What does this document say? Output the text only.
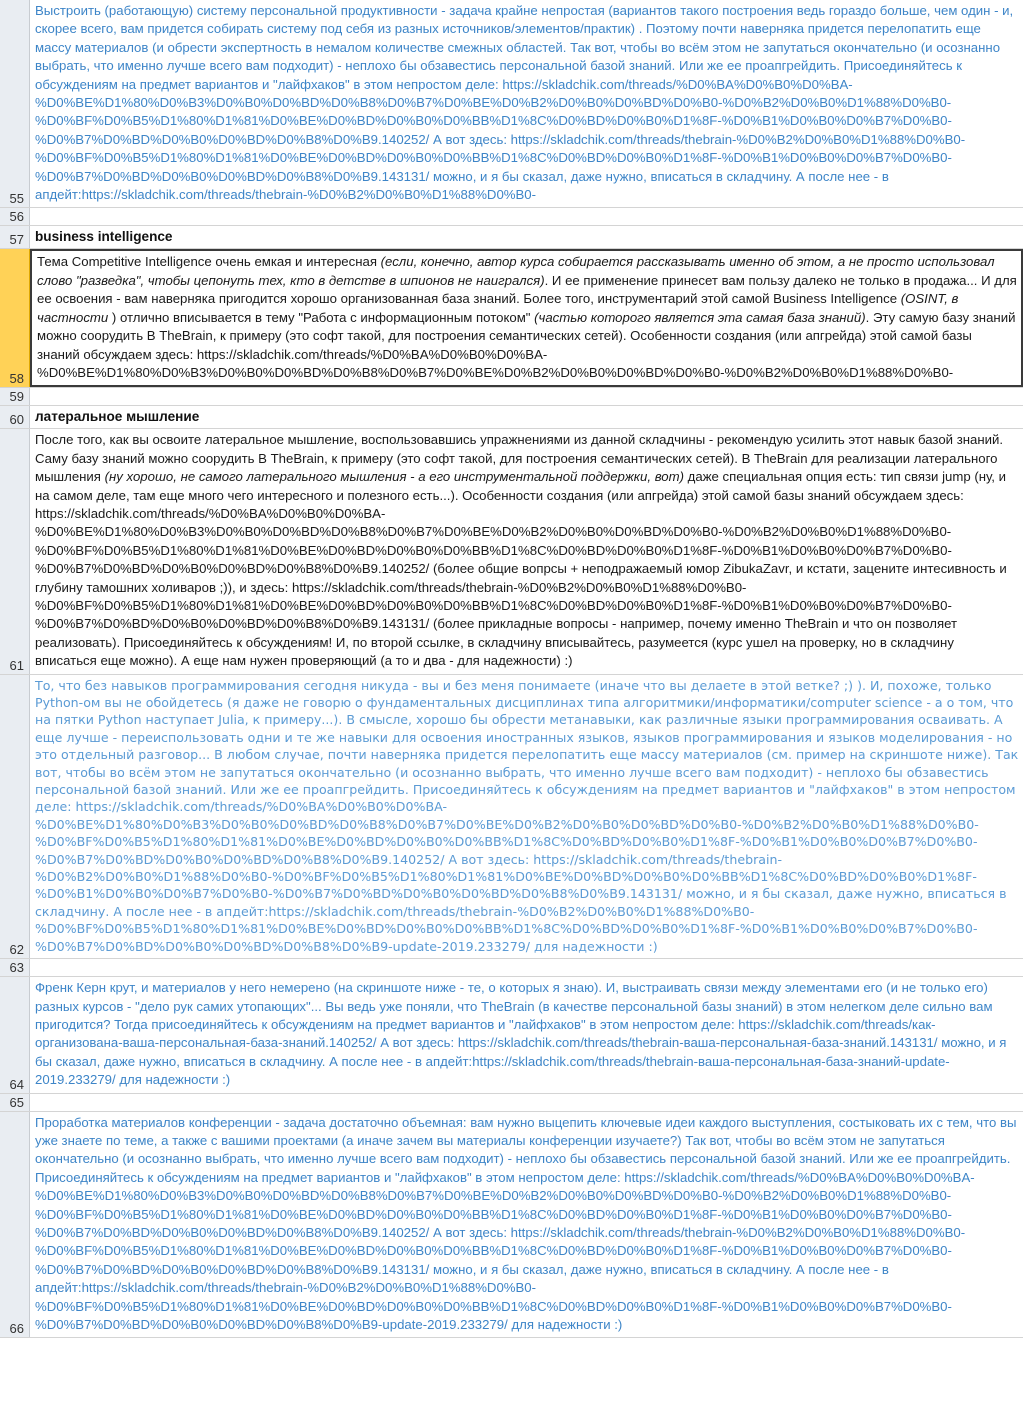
55
Выстроить (работающую) систему персональной продуктивности - задача крайне непростая (вариантов такого построения ведь гораздо больше, чем один - и, скорее всего, вам придется собирать систему под себя из разных источников/элементов/практик) . Поэтому почти наверняка придется перелопатить еще массу материалов (и обрести экспертность в немалом количестве смежных областей. Так вот, чтобы во всём этом не запутаться окончательно (и осознанно выбрать, что именно лучше всего вам подходит) - неплохо бы обзавестись персональной базой знаний. Или же ее проапгрейдить. Присоединяйтесь к обсуждениям на предмет вариантов и "лайфхаков" в этом непростом деле: https://skladchik.com/threads/%D0%BA%D0%B0%D0%BA-%D0%BE%D1%80%D0%B3%D0%B0%D0%BD%D0%B8%D0%B7%D0%BE%D0%B2%D0%B0%D0%BD%D0%B0-%D0%B2%D0%B0%D1%88%D0%B0-%D0%BF%D0%B5%D1%80%D1%81%D0%BE%D0%BD%D0%B0%D0%BB%D1%8C%D0%BD%D0%B0%D1%8F-%D0%B1%D0%B0%D0%B7%D0%B0-%D0%B7%D0%BD%D0%B0%D0%BD%D0%B8%D0%B9.140252/ А вот здесь: https://skladchik.com/threads/thebrain-%D0%B2%D0%B0%D1%88%D0%B0-%D0%BF%D0%B5%D1%80%D1%81%D0%BE%D0%BD%D0%B0%D0%BB%D1%8C%D0%BD%D0%B0%D1%8F-%D0%B1%D0%B0%D0%B7%D0%B0-%D0%B7%D0%BD%D0%B0%D0%BD%D0%B8%D0%B9.143131/ можно, и я бы сказал, даже нужно, вписаться в складчину. А после нее - в апдейт:https://skladchik.com/threads/thebrain-%D0%B2%D0%B0%D1%88%D0%B0-
56
57 business intelligence
58
Тема Competitive Intelligence очень емкая и интересная (если, конечно, автор курса собирается рассказывать именно об этом, а не просто использовал слово "разведка", чтобы цепонуть тех, кто в детстве в шпионов не наигрался). И ее применение принесет вам пользу далеко не только в продажа... И для ее освоения - вам наверняка пригодится хорошо организованная база знаний. Более того, инструментарий этой самой Business Intelligence (OSINT, в частности ) отлично вписывается в тему "Работа с информационным потоком" (частью которого является эта самая база знаний). Эту самую базу знаний можно соорудить В TheBrain, к примеру (это софт такой, для построения семантических сетей). Особенности создания (или апгрейда) этой самой базы знаний обсуждаем здесь: https://skladchik.com/threads/%D0%BA%D0%B0%D0%BA-%D0%BE%D1%80%D0%B3%D0%B0%D0%BD%D0%B8%D0%B7%D0%BE%D0%B2%D0%B0%D0%BD%D0%B0-%D0%B2%D0%B0%D1%88%D0%B0-
59
60 латеральное мышление
61
После того, как вы освоите латеральное мышление, воспользовавшись упражнениями из данной складчины - рекомендую усилить этот навык базой знаний. Саму базу знаний можно соорудить В TheBrain, к примеру (это софт такой, для построения семантических сетей). В TheBrain для реализации латерального мышления (ну хорошо, не самого латерального мышления - а его инструментальной поддержки, вот) даже специальная опция есть: тип связи jump (ну, и на самом деле, там еще много чего интересного и полезного есть...). Особенности создания (или апгрейда) этой самой базы знаний обсуждаем здесь: https://skladchik.com/threads/%D0%BA%D0%B0%D0%BA-%D0%BE%D1%80%D0%B3%D0%B0%D0%BD%D0%B8%D0%B7%D0%BE%D0%B2%D0%B0%D0%BD%D0%B0-%D0%B2%D0%B0%D1%88%D0%B0-%D0%BF%D0%B5%D1%80%D1%81%D0%BE%D0%BD%D0%B0%D0%BB%D1%8C%D0%BD%D0%B0%D1%8F-%D0%B1%D0%B0%D0%B7%D0%B0-%D0%B7%D0%BD%D0%B0%D0%BD%D0%B8%D0%B9.140252/ (более общие вопрсы + неподражаемый юмор ZibukaZavr, и кстати, зацените интесивность и глубину тамошних холиваров ;)), и здесь: https://skladchik.com/threads/thebrain-%D0%B2%D0%B0%D1%88%D0%B0-%D0%BF%D0%B5%D1%80%D1%81%D0%BE%D0%BD%D0%B0%D0%BB%D1%8C%D0%BD%D0%B0%D1%8F-%D0%B1%D0%B0%D0%B7%D0%B0-%D0%B7%D0%BD%D0%B0%D0%BD%D0%B8%D0%B9.143131/ (более прикладные вопросы - например, почему именно TheBrain и что он позволяет реализовать). Присоединяйтесь к обсуждениям! И, по второй ссылке, в складчину вписывайтесь, разумеется (курс ушел на проверку, но в складчину вписаться еще можно). А еще нам нужен проверяющий (а то и два - для надежности) :)
62
То, что без навыков программирования сегодня никуда - вы и без меня понимаете (иначе что вы делаете в этой ветке? ;) ). И, похоже, только Python-ом вы не обойдетесь (я даже не говорю о фундаментальных дисциплинах типа алгоритмики/информатики/computer science - а о том, что на пятки Python наступает Julia, к примеру...). В смысле, хорошо бы обрести метанавыки, как различные языки программирования осваивать. А еще лучше - переиспользовать одни и те же навыки для освоения иностранных языков, языков программирования и языков моделирования - но это отдельный разговор... В любом случае, почти наверняка придется перелопатить еще массу материалов (см. пример на скриншоте ниже). Так вот, чтобы во всём этом не запутаться окончательно (и осознанно выбрать, что именно лучше всего вам подходит) - неплохо бы обзавестись персональной базой знаний. Или же ее проапгрейдить. Присоединяйтесь к обсуждениям на предмет вариантов и "лайфхаков" в этом непростом деле: https://skladchik.com/threads/%D0%BA%D0%B0%D0%BA-%D0%BE%D1%80%D0%B3%D0%B0%D0%BD%D0%B8%D0%B7%D0%BE%D0%B2%D0%B0%D0%BD%D0%B0-%D0%B2%D0%B0%D1%88%D0%B0-%D0%BF%D0%B5%D1%80%D1%81%D0%BE%D0%BD%D0%B0%D0%BB%D1%8C%D0%BD%D0%B0%D1%8F-%D0%B1%D0%B0%D0%B7%D0%B0-%D0%B7%D0%BD%D0%B0%D0%BD%D0%B8%D0%B9.140252/ А вот здесь: https://skladchik.com/threads/thebrain-%D0%B2%D0%B0%D1%88%D0%B0-%D0%BF%D0%B5%D1%80%D1%81%D0%BE%D0%BD%D0%B0%D0%BB%D1%8C%D0%BD%D0%B0%D1%8F-%D0%B1%D0%B0%D0%B7%D0%B0-%D0%B7%D0%BD%D0%B0%D0%BD%D0%B8%D0%B9.143131/ можно, и я бы сказал, даже нужно, вписаться в складчину. А после нее - в апдейт:https://skladchik.com/threads/thebrain-%D0%B2%D0%B0%D1%88%D0%B0-%D0%BF%D0%B5%D1%80%D1%81%D0%BE%D0%BD%D0%B0%D0%BB%D1%8C%D0%BD%D0%B0%D1%8F-%D0%B1%D0%B0%D0%B7%D0%B0-%D0%B7%D0%BD%D0%B0%D0%BD%D0%B8%D0%B9-update-2019.233279/ для надежности :)
63
64
Френк Керн крут, и материалов у него немерено (на скриншоте ниже - те, о которых я знаю). И, выстраивать связи между элементами его (и не только его) разных курсов - "дело рук самих утопающих"... Вы ведь уже поняли, что TheBrain (в качестве персональной базы знаний) в этом нелегком деле сильно вам пригодится? Тогда присоединяйтесь к обсуждениям на предмет вариантов и "лайфхаков" в этом непростом деле: https://skladchik.com/threads/как-организована-ваша-персональная-база-знаний.140252/ А вот здесь: https://skladchik.com/threads/thebrain-ваша-персональная-база-знаний.143131/ можно, и я бы сказал, даже нужно, вписаться в складчину. А после нее - в апдейт:https://skladchik.com/threads/thebrain-ваша-персональная-база-знаний-update-2019.233279/ для надежности :)
65
66
Проработка материалов конференции - задача достаточно объемная: вам нужно выцепить ключевые идеи каждого выступления, состыковать их с тем, что вы уже знаете по теме, а также с вашими проектами (а иначе зачем вы материалы конференции изучаете?) Так вот, чтобы во всём этом не запутаться окончательно (и осознанно выбрать, что именно лучше всего вам подходит) - неплохо бы обзавестись персональной базой знаний. Или же ее проапгрейдить. Присоединяйтесь к обсуждениям на предмет вариантов и "лайфхаков" в этом непростом деле: https://skladchik.com/threads/%D0%BA%D0%B0%D0%BA-%D0%BE%D1%80%D0%B3%D0%B0%D0%BD%D0%B8%D0%B7%D0%BE%D0%B2%D0%B0%D0%BD%D0%B0-%D0%B2%D0%B0%D1%88%D0%B0-%D0%BF%D0%B5%D1%80%D1%81%D0%BE%D0%BD%D0%B0%D0%BB%D1%8C%D0%BD%D0%B0%D1%8F-%D0%B1%D0%B0%D0%B7%D0%B0-%D0%B7%D0%BD%D0%B0%D0%BD%D0%B8%D0%B9.140252/ А вот здесь: https://skladchik.com/threads/thebrain-%D0%B2%D0%B0%D1%88%D0%B0-%D0%BF%D0%B5%D1%80%D1%81%D0%BE%D0%BD%D0%B0%D0%BB%D1%8C%D0%BD%D0%B0%D1%8F-%D0%B1%D0%B0%D0%B7%D0%B0-%D0%B7%D0%BD%D0%B0%D0%BD%D0%B8%D0%B9.143131/ можно, и я бы сказал, даже нужно, вписаться в складчину. А после нее - в апдейт:https://skladchik.com/threads/thebrain-%D0%B2%D0%B0%D1%88%D0%B0-%D0%BF%D0%B5%D1%80%D1%81%D0%BE%D0%BD%D0%B0%D0%BB%D1%8C%D0%BD%D0%B0%D1%8F-%D0%B1%D0%B0%D0%B7%D0%B0-%D0%B7%D0%BD%D0%B0%D0%BD%D0%B8%D0%B9-update-2019.233279/ для надежности :)
